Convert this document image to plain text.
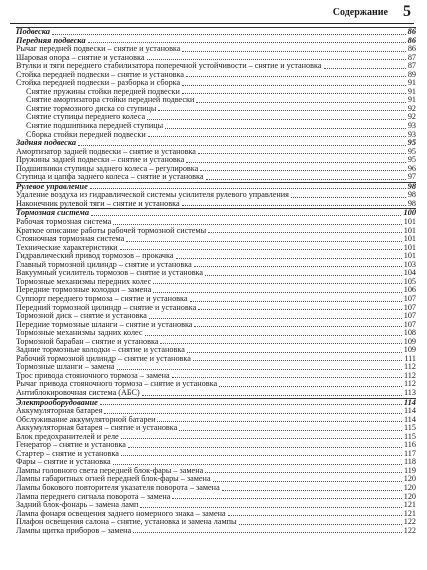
Содержание 5
Подвеска	86
Передняя подвеска	86
Рычаг передней подвески – снятие и установка	86
Шаровая опора – снятие и установка	87
Втулки и тяги переднего стабилизатора поперечной устойчивости – снятие и установка	87
Стойка передней подвески – снятие и установка	89
Стойка передней подвески – разборка и сборка	91
Снятие пружины стойки передней подвески	91
Снятие амортизатора стойки передней подвески	91
Снятие тормозного диска со ступицы	92
Снятие ступицы переднего колеса	92
Снятие подшипника передней ступицы	93
Сборка стойки передней подвески	93
Задняя подвеска	95
Амортизатор задней подвески – снятие и установка	95
Пружины задней подвески – снятие и установка	95
Подшипники ступицы заднего колеса – регулировка	96
Ступица и цапфа заднего колеса – снятие и установка	97
Рулевое управление	98
Удаление воздуха из гидравлической системы усилителя рулевого управления	98
Наконечник рулевой тяги – снятие и установка	98
Тормозная система	100
Рабочая тормозная система	101
Краткое описание работы рабочей тормозной системы	101
Стояночная тормозная система	101
Технические характеристики	101
Гидравлический привод тормозов – прокачка	101
Главный тормозной цилиндр – снятие и установка	103
Вакуумный усилитель тормозов – снятие и установка	104
Тормозные механизмы передних колес	105
Передние тормозные колодки – замена	106
Суппорт переднего тормоза – снятие и установка	107
Передний тормозной цилиндр – снятие и установка	107
Тормозной диск – снятие и установка	107
Передние тормозные шланги – снятие и установка	107
Тормозные механизмы задних колес	108
Тормозной барабан – снятие и установка	109
Задние тормозные колодки – снятие и установка	109
Рабочий тормозной цилиндр – снятие и установка	111
Тормозные шланги – замена	112
Трос привода стояночного тормоза – замена	112
Рычаг привода стояночного тормоза – снятие и установка	112
Антиблокировочная система (АБС)	113
Электрооборудование	114
Аккумуляторная батарея	114
Обслуживание аккумуляторной батареи	114
Аккумуляторная батарея – снятие и установка	115
Блок предохранителей и реле	115
Генератор – снятие и установка	116
Стартер – снятие и установка	117
Фары – снятие и установка	118
Лампы головного света передней блок-фары – замена	119
Лампы габаритных огней передней блок-фары – замена	120
Лампы бокового повторителя указателя поворота – замена	120
Лампа переднего сигнала поворота – замена	120
Задний блок-фонарь – замена ламп	121
Лампа фонаря освещения заднего номерного знака – замена	121
Плафон освещения салона – снятие, установка и замена лампы	122
Лампы щитка приборов – замена	122
